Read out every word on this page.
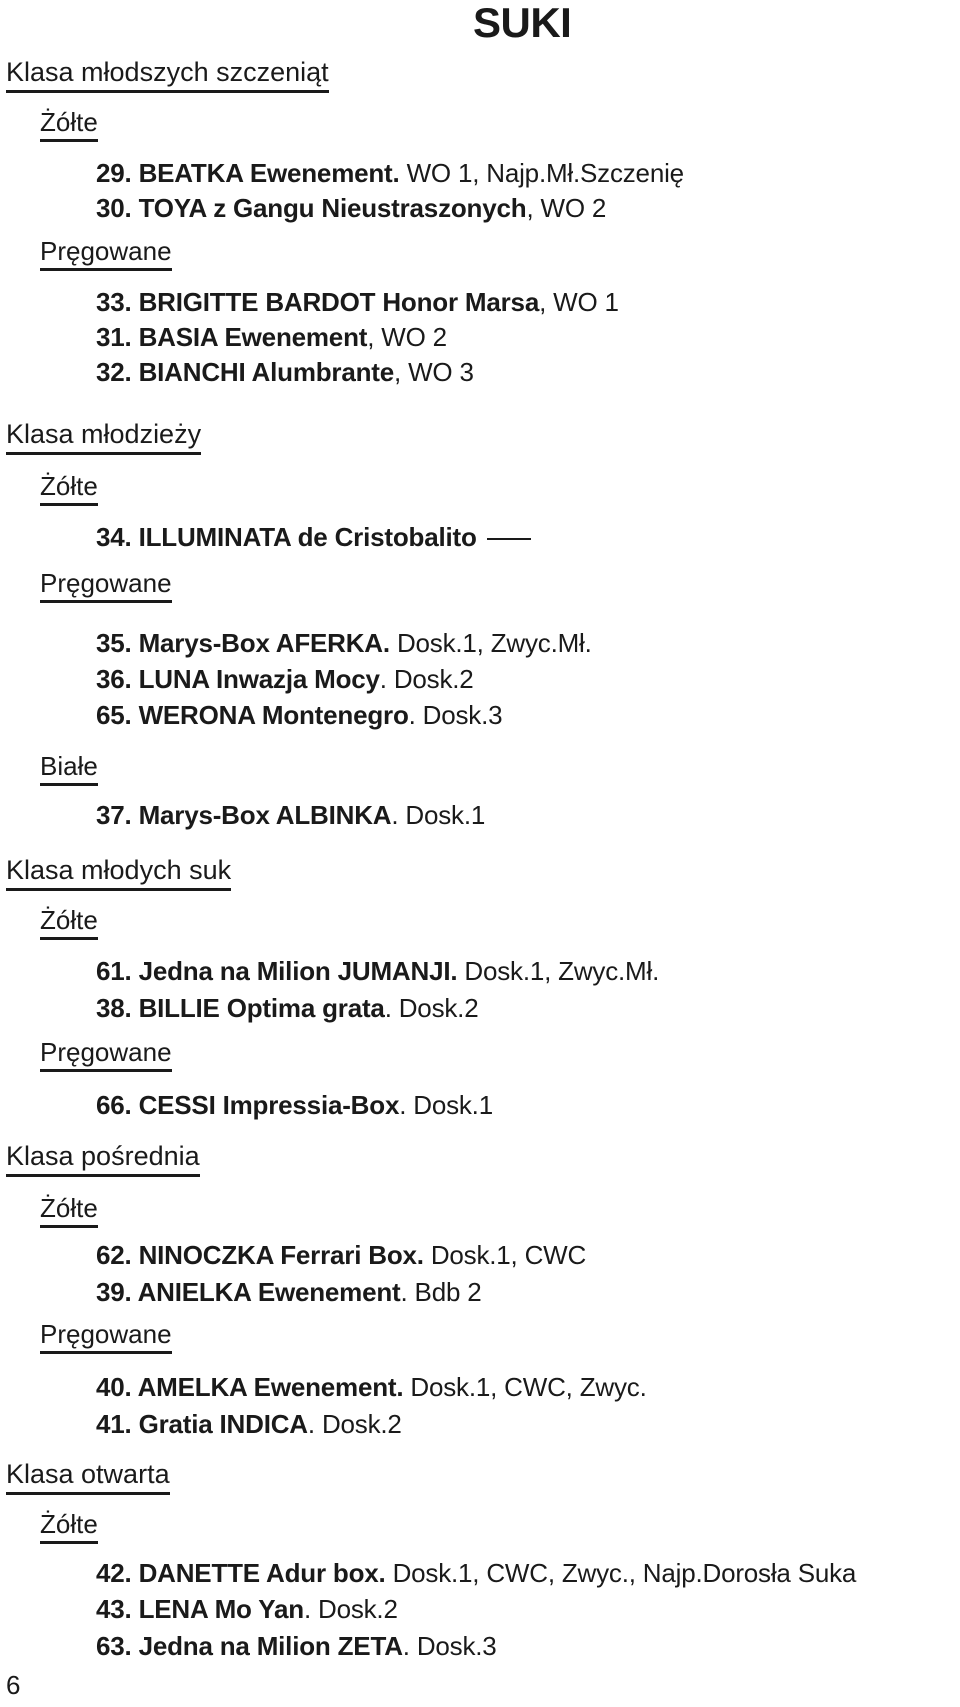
SUKI
Klasa młodszych szczeniąt
Żółte
29. BEATKA Ewenement. WO 1, Najp.Mł.Szczenię
30. TOYA z Gangu Nieustraszonych, WO 2
Pręgowane
33. BRIGITTE BARDOT Honor Marsa, WO 1
31. BASIA Ewenement, WO 2
32. BIANCHI Alumbrante, WO 3
Klasa młodzieży
Żółte
34. ILLUMINATA de Cristobalito
Pręgowane
35. Marys-Box AFERKA. Dosk.1, Zwyc.Mł.
36. LUNA Inwazja Mocy. Dosk.2
65. WERONA Montenegro. Dosk.3
Białe
37. Marys-Box ALBINKA. Dosk.1
Klasa młodych suk
Żółte
61. Jedna na Milion JUMANJI. Dosk.1, Zwyc.Mł.
38. BILLIE Optima grata. Dosk.2
Pręgowane
66. CESSI Impressia-Box. Dosk.1
Klasa pośrednia
Żółte
62. NINOCZKA Ferrari Box. Dosk.1, CWC
39. ANIELKA Ewenement. Bdb 2
Pręgowane
40. AMELKA Ewenement. Dosk.1, CWC, Zwyc.
41. Gratia INDICA. Dosk.2
Klasa otwarta
Żółte
42. DANETTE Adur box. Dosk.1, CWC, Zwyc., Najp.Dorosła Suka
43. LENA Mo Yan. Dosk.2
63. Jedna na Milion ZETA. Dosk.3
6
